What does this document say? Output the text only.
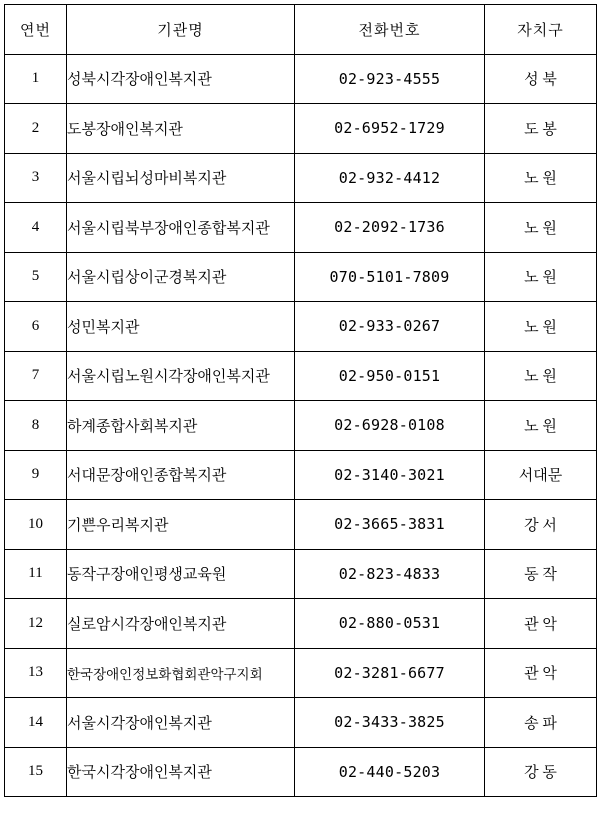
연번	기관명	전화번호	자치구
1	성북시각장애인복지관	02-923-4555	성 북
2	도봉장애인복지관	02-6952-1729	도 봉
3	서울시립뇌성마비복지관	02-932-4412	노 원
4	서울시립북부장애인종합복지관	02-2092-1736	노 원
5	서울시립상이군경복지관	070-5101-7809	노 원
6	성민복지관	02-933-0267	노 원
7	서울시립노원시각장애인복지관	02-950-0151	노 원
8	하계종합사회복지관	02-6928-0108	노 원
9	서대문장애인종합복지관	02-3140-3021	서대문
10	기쁜우리복지관	02-3665-3831	강 서
11	동작구장애인평생교육원	02-823-4833	동 작
12	실로암시각장애인복지관	02-880-0531	관 악
13	한국장애인정보화협회관악구지회	02-3281-6677	관 악
14	서울시각장애인복지관	02-3433-3825	송 파
15	한국시각장애인복지관	02-440-5203	강 동
